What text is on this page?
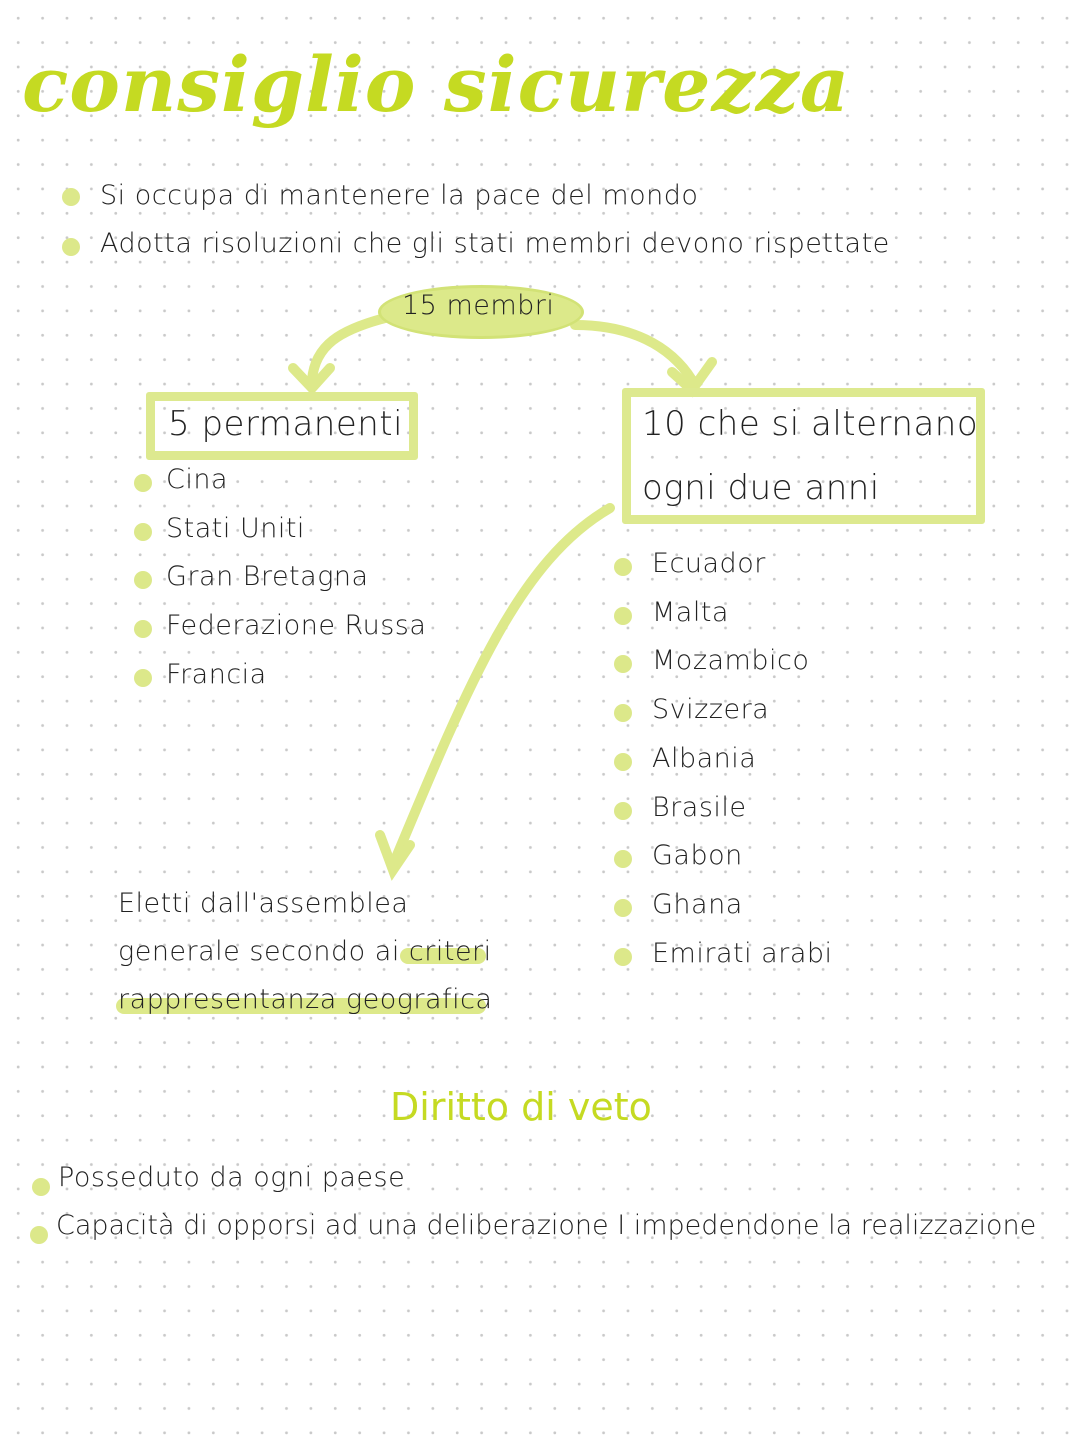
consiglio sicurezza
Si occupa di mantenere la pace del mondo
Adotta risoluzioni che gli stati membri devono rispettate
15 membri
5 permanenti
Cina
Stati Uniti
Gran Bretagna
Federazione Russa
Francia
10 che si alternano
ogni due anni
Ecuador
Malta
Mozambico
Svizzera
Albania
Brasile
Gabon
Ghana
Emirati arabi
Eletti dall'assemblea
generale secondo ai criteri
rappresentanza geografica
Diritto di veto
Posseduto da ogni paese
Capacità di opporsi ad una deliberazione I impedendone la realizzazione
